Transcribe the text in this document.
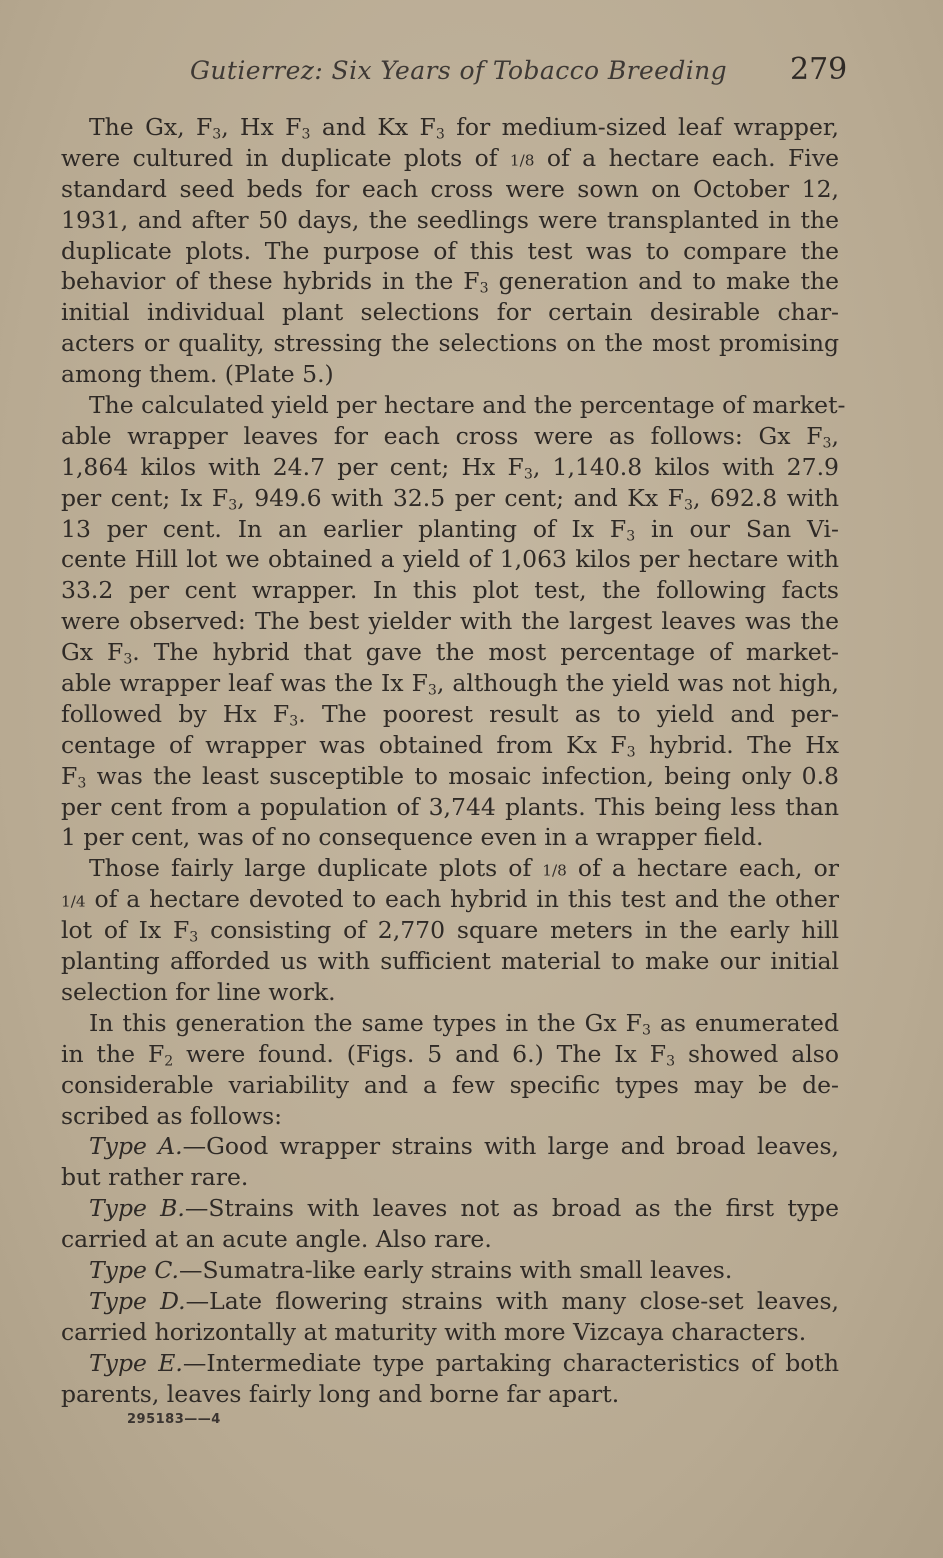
Gutierrez: Six Years of Tobacco Breeding 279
The Gx, $F_3$, Hx $F_3$ and Kx $F_3$ for medium-sized leaf wrapper,
were cultured in duplicate plots of 1/8 of a hectare each. Five
standard seed beds for each cross were sown on October 12,
1931, and after 50 days, the seedlings were transplanted in the
duplicate plots. The purpose of this test was to compare the
behavior of these hybrids in the $F_3$ generation and to make the
initial individual plant selections for certain desirable char-
acters or quality, stressing the selections on the most promising
among them. (Plate 5.)
The calculated yield per hectare and the percentage of market-
able wrapper leaves for each cross were as follows: Gx $F_3$,
1,864 kilos with 24.7 per cent; Hx $F_3$, 1,140.8 kilos with 27.9
per cent; Ix $F_3$, 949.6 with 32.5 per cent; and Kx $F_3$, 692.8 with
13 per cent. In an earlier planting of Ix $F_3$ in our San Vi-
cente Hill lot we obtained a yield of 1,063 kilos per hectare with
33.2 per cent wrapper. In this plot test, the following facts
were observed: The best yielder with the largest leaves was the
Gx $F_3$. The hybrid that gave the most percentage of market-
able wrapper leaf was the Ix $F_3$, although the yield was not high,
followed by Hx $F_3$. The poorest result as to yield and per-
centage of wrapper was obtained from Kx $F_3$ hybrid. The Hx
$F_3$ was the least susceptible to mosaic infection, being only 0.8
per cent from a population of 3,744 plants. This being less than
1 per cent, was of no consequence even in a wrapper field.
Those fairly large duplicate plots of 1/8 of a hectare each, or
1/4 of a hectare devoted to each hybrid in this test and the other
lot of Ix $F_3$ consisting of 2,770 square meters in the early hill
planting afforded us with sufficient material to make our initial
selection for line work.
In this generation the same types in the Gx $F_3$ as enumerated
in the $F_2$ were found. (Figs. 5 and 6.) The Ix $F_3$ showed also
considerable variability and a few specific types may be de-
scribed as follows:
Type A.—Good wrapper strains with large and broad leaves,
but rather rare.
Type B.—Strains with leaves not as broad as the first type
carried at an acute angle. Also rare.
Type C.—Sumatra-like early strains with small leaves.
Type D.—Late flowering strains with many close-set leaves,
carried horizontally at maturity with more Vizcaya characters.
Type E.—Intermediate type partaking characteristics of both
parents, leaves fairly long and borne far apart.
295183——4
